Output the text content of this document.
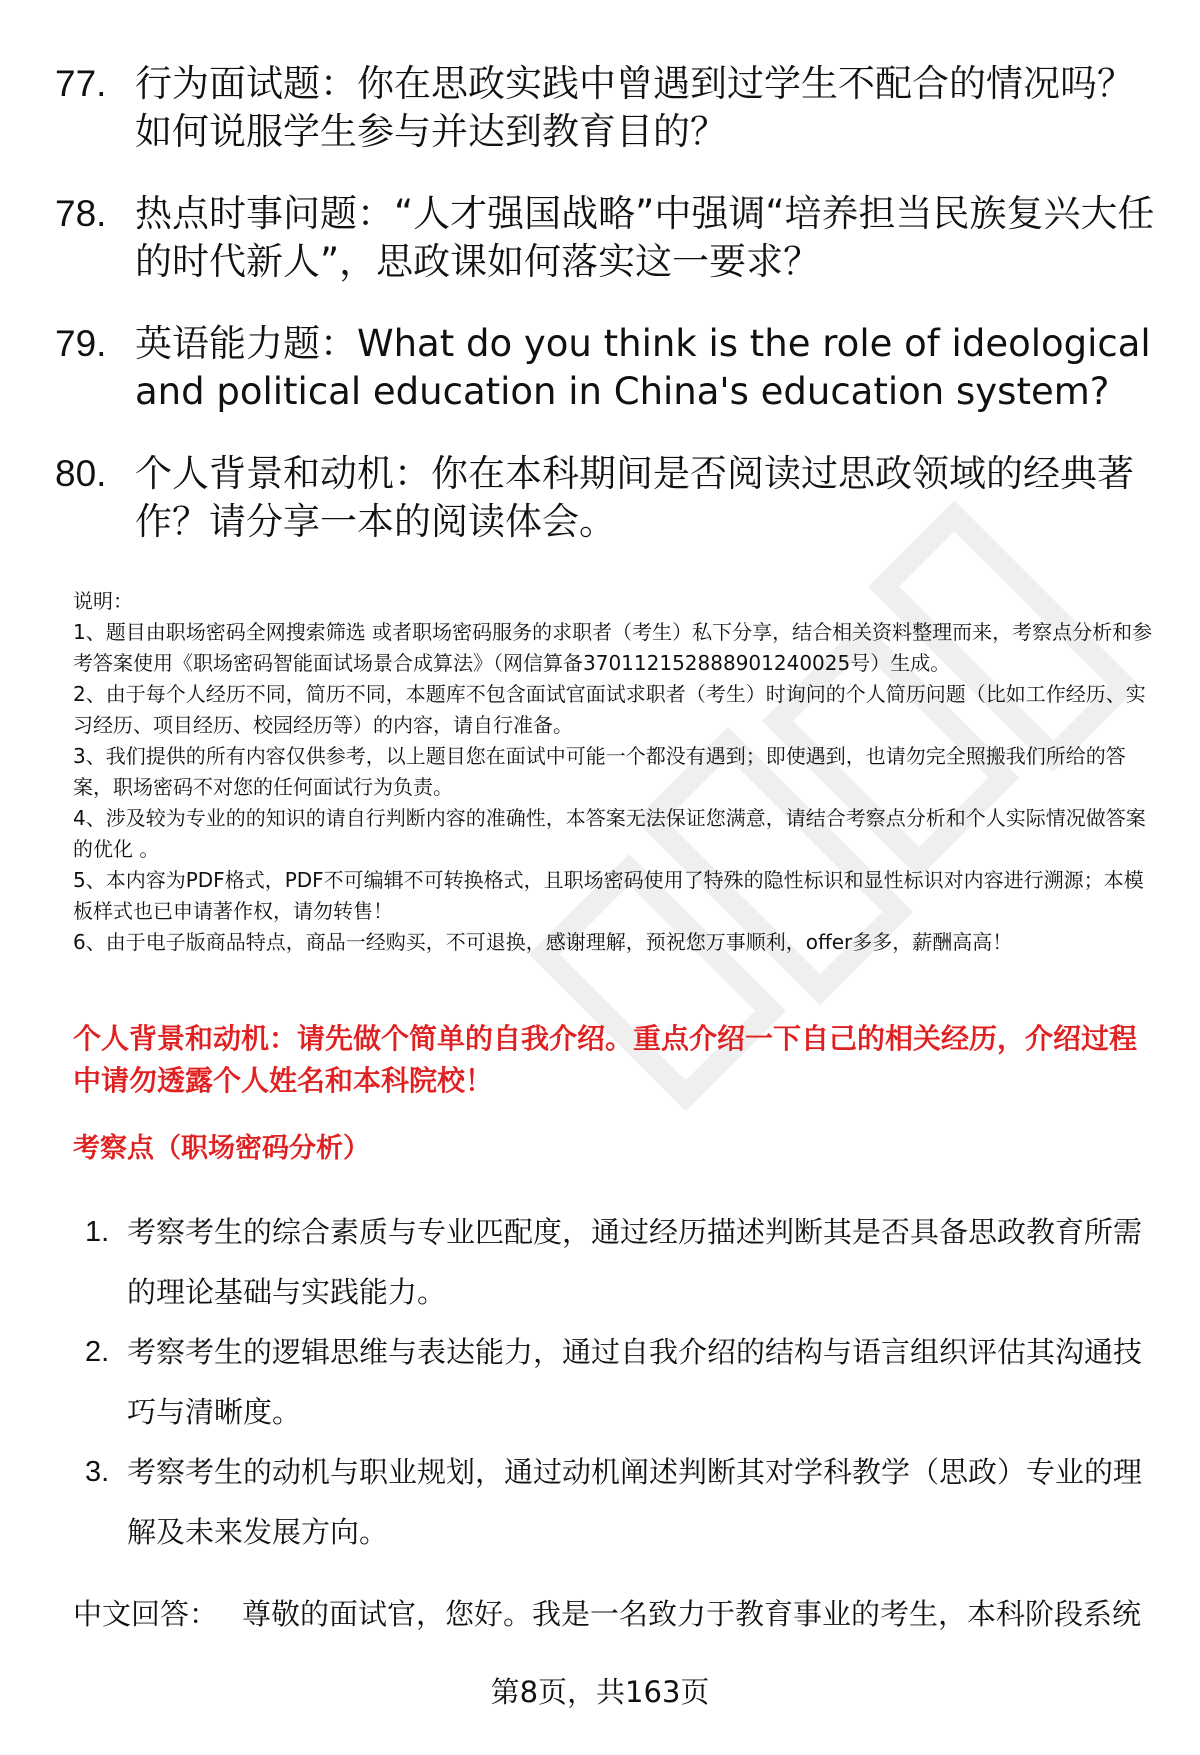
77. 行为面试题：你在思政实践中曾遇到过学生不配合的情况吗？如何说服学生参与并达到教育目的？
78. 热点时事问题：“人才强国战略”中强调“培养担当民族复兴大任的时代新人”，思政课如何落实这一要求？
79. 英语能力题：What do you think is the role of ideological and political education in China's education system?
80. 个人背景和动机：你在本科期间是否阅读过思政领域的经典著作？请分享一本的阅读体会。

说明：

1、题目由职场密码全网搜索筛选 或者职场密码服务的求职者（考生）私下分享，结合相关资料整理而来，考察点分析和参考答案使用《职场密码智能面试场景合成算法》（网信算备370112152888901240025号）生成。

2、由于每个人经历不同，简历不同，本题库不包含面试官面试求职者（考生）时询问的个人简历问题（比如工作经历、实习经历、项目经历、校园经历等）的内容，请自行准备。

3、我们提供的所有内容仅供参考，以上题目您在面试中可能一个都没有遇到；即使遇到，也请勿完全照搬我们所给的答案，职场密码不对您的任何面试行为负责。

4、涉及较为专业的的知识的请自行判断内容的准确性，本答案无法保证您满意，请结合考察点分析和个人实际情况做答案的优化 。

5、本内容为PDF格式，PDF不可编辑不可转换格式，且职场密码使用了特殊的隐性标识和显性标识对内容进行溯源；本模板样式也已申请著作权，请勿转售！

6、由于电子版商品特点，商品一经购买，不可退换，感谢理解，预祝您万事顺利，offer多多，薪酬高高！

个人背景和动机：请先做个简单的自我介绍。重点介绍一下自己的相关经历，介绍过程中请勿透露个人姓名和本科院校！
考察点（职场密码分析）
1. 考察考生的综合素质与专业匹配度，通过经历描述判断其是否具备思政教育所需的理论基础与实践能力。
2. 考察考生的逻辑思维与表达能力，通过自我介绍的结构与语言组织评估其沟通技巧与清晰度。
3. 考察考生的动机与职业规划，通过动机阐述判断其对学科教学（思政）专业的理解及未来发展方向。
中文回答： 尊敬的面试官，您好。我是一名致力于教育事业的考生，本科阶段系统
第8页，共163页
